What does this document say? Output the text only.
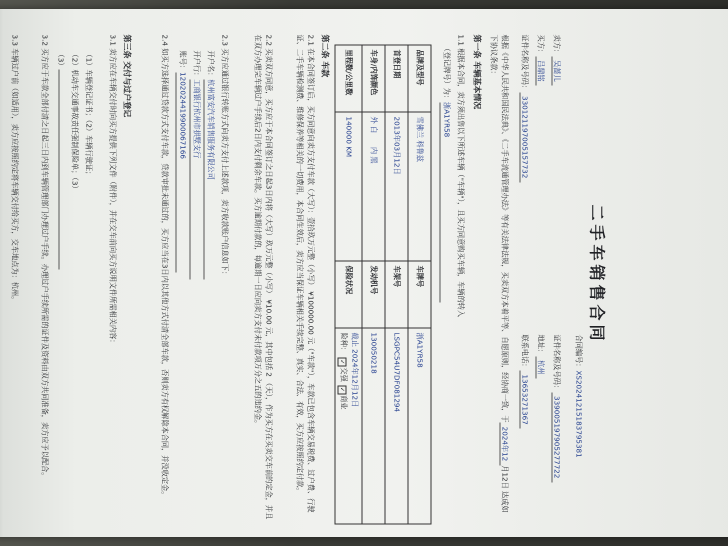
二手车销售合同
合同编号：XS20241215183795381
卖方：吴蔷儿
证件名称及号码：339005197905277722
买方：吕鼎铭
地址：杭州
证件名称及号码：330121197005157732
联系电话：13653271367
根据《中华人民共和国民法典》、《二手车流通管理办法》等有关法律法规，买卖双方本着平等、自愿原则，经协商一致，于2024年12月12日 达成如下协议条款：
第一条 车辆基本情况
1.1 根据本合同，卖方须出售以下所述车辆（"车辆"），且买方同意购买车辆，车辆的转入
（登记牌号）为：浙A1YR58
品牌及型号	雪佛兰 科鲁兹	车牌号	浙A1YR58
首登日期	2013年03月12日	车架号	LSGPC54U7DF081294
车身/内饰颜色	外 白      内 黑	发动机号	130050218
里程数/公里数	140000 KM	保险状况	截止 2024年12月12日
险种： ✓交强 ✓商业
第二条 车款
2.1 在本合同签订后，买方同意向卖方支付车款（大写）：壹拾玖万元整（小写） ¥100000.00 元（"车款"），车款已包含车辆交易税费、过户费、行驶证、二手车辆检测费、维修保养等相关的一切费用，本合同生效后，卖方应当保证车辆相关手续完整、真实、合法、有效，买方应按照约定付款。
2.2 买卖双方同意，买方应于本合同签订之日起3日内将（大写）玖万元整（小写） ¥10.00 元，其中包括 2 （天），作为买方在买卖交车前的定金，并且在双方办理完车辆过户手续后2日内支付剩余车款。买方逾期付款的，每逾期一日应向卖方支付未付款项万分之五的违约金。
2.3 买方应通过银行转账方式向卖方支付上述款项，卖方收款账户信息如下：
开户名：杭州富安汽车销售服务有限公司
开户行：工商银行杭州市拱墅支行
账号：1202024419900067166
2.4 如买方选择通过贷款方式支付车款，贷款审批未通过的，买方应当在3日内以其他方式付清全部车款，否则卖方有权解除本合同，并没收定金。
第三条 交付与过户登记
3.1 卖方应在车辆交付时向买方提供下列文件（附件），并在交车前向买方说明文件所需相关内容：
（1）车辆登记证书；（2）车辆行驶证；
（2）机动车交通事故责任强制保险单；（3）
（3）
3.2 买方应于车款全部付清之日起三日内到车辆管理部门办理过户手续。办理过户手续所需的证件及资料由双方共同准备，卖方应予以配合。
3.3 车辆过户前（如适用），卖方应按照约定将车辆交付给买方，交车地点为：杭州。
